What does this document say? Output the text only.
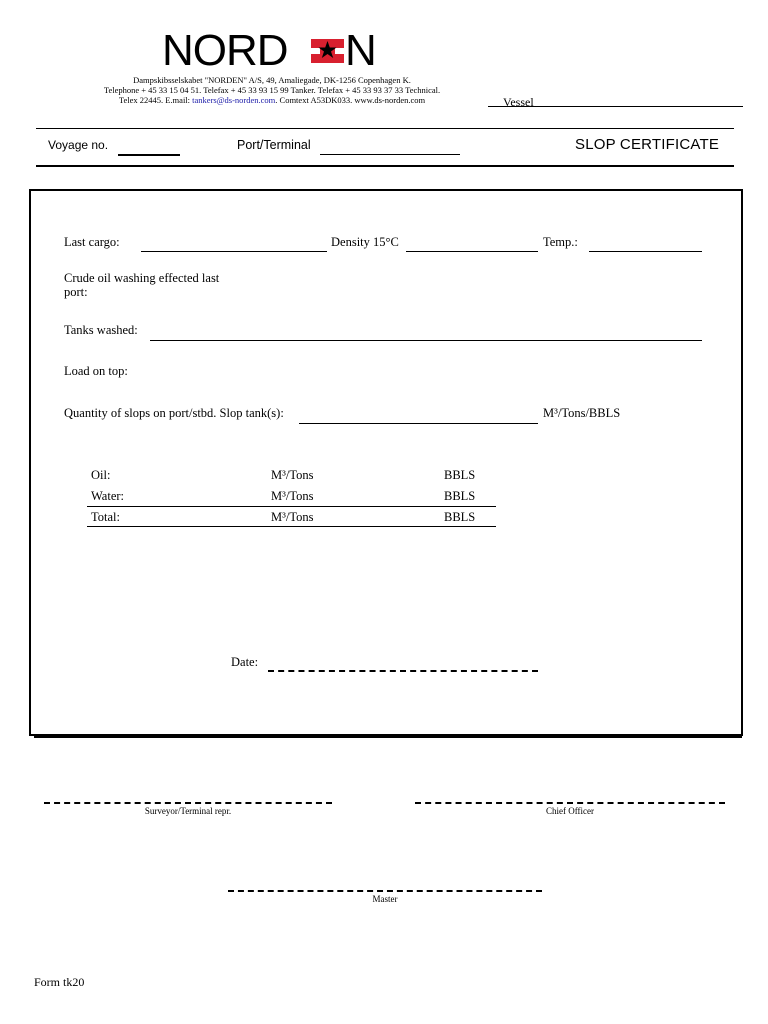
NORD N
Dampskibsselskabet "NORDEN" A/S, 49, Amaliegade, DK-1256 Copenhagen K.
Telephone + 45 33 15 04 51. Telefax + 45 33 93 15 99 Tanker. Telefax + 45 33 93 37 33 Technical.
Telex 22445. E.mail: tankers@ds-norden.com. Comtext A53DK033. www.ds-norden.com	Vessel
Voyage no.	Port/Terminal	SLOP CERTIFICATE
Last cargo:	Density 15°C	Temp.:
Crude oil washing effected last port:
Tanks washed:
Load on top:
Quantity of slops on port/stbd. Slop tank(s):	M³/Tons/BBLS
Oil:	M³/Tons	BBLS
Water:	M³/Tons	BBLS
Total:	M³/Tons	BBLS
Date:
Surveyor/Terminal repr.	Chief Officer
Master
Form tk20
